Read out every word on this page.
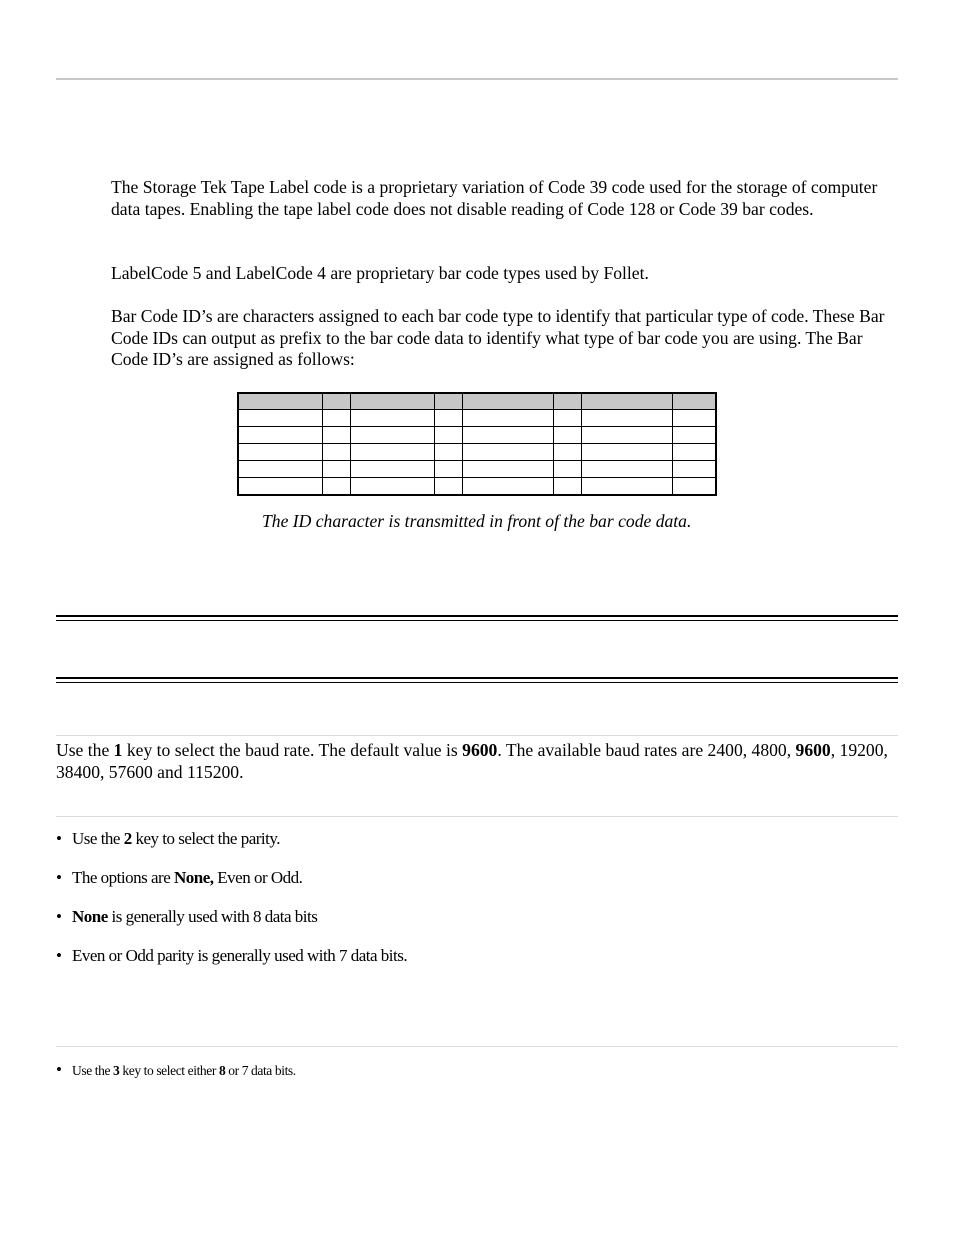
The Storage Tek Tape Label code is a proprietary variation of Code 39 code used for the storage of computer data tapes. Enabling the tape label code does not disable reading of Code 128 or Code 39 bar codes.

LabelCode 5 and LabelCode 4 are proprietary bar code types used by Follet.

Bar Code ID’s are characters assigned to each bar code type to identify that particular type of code. These Bar Code IDs can output as prefix to the bar code data to identify what type of bar code you are using. The Bar Code ID’s are assigned as follows:

The ID character is transmitted in front of the bar code data.

Use the 1 key to select the baud rate. The default value is 9600. The available baud rates are 2400, 4800, 9600, 19200, 38400, 57600 and 115200.

• Use the 2 key to select the parity.

• The options are None, Even or Odd.

• None is generally used with 8 data bits

• Even or Odd parity is generally used with 7 data bits.

• Use the 3 key to select either 8 or 7 data bits.
